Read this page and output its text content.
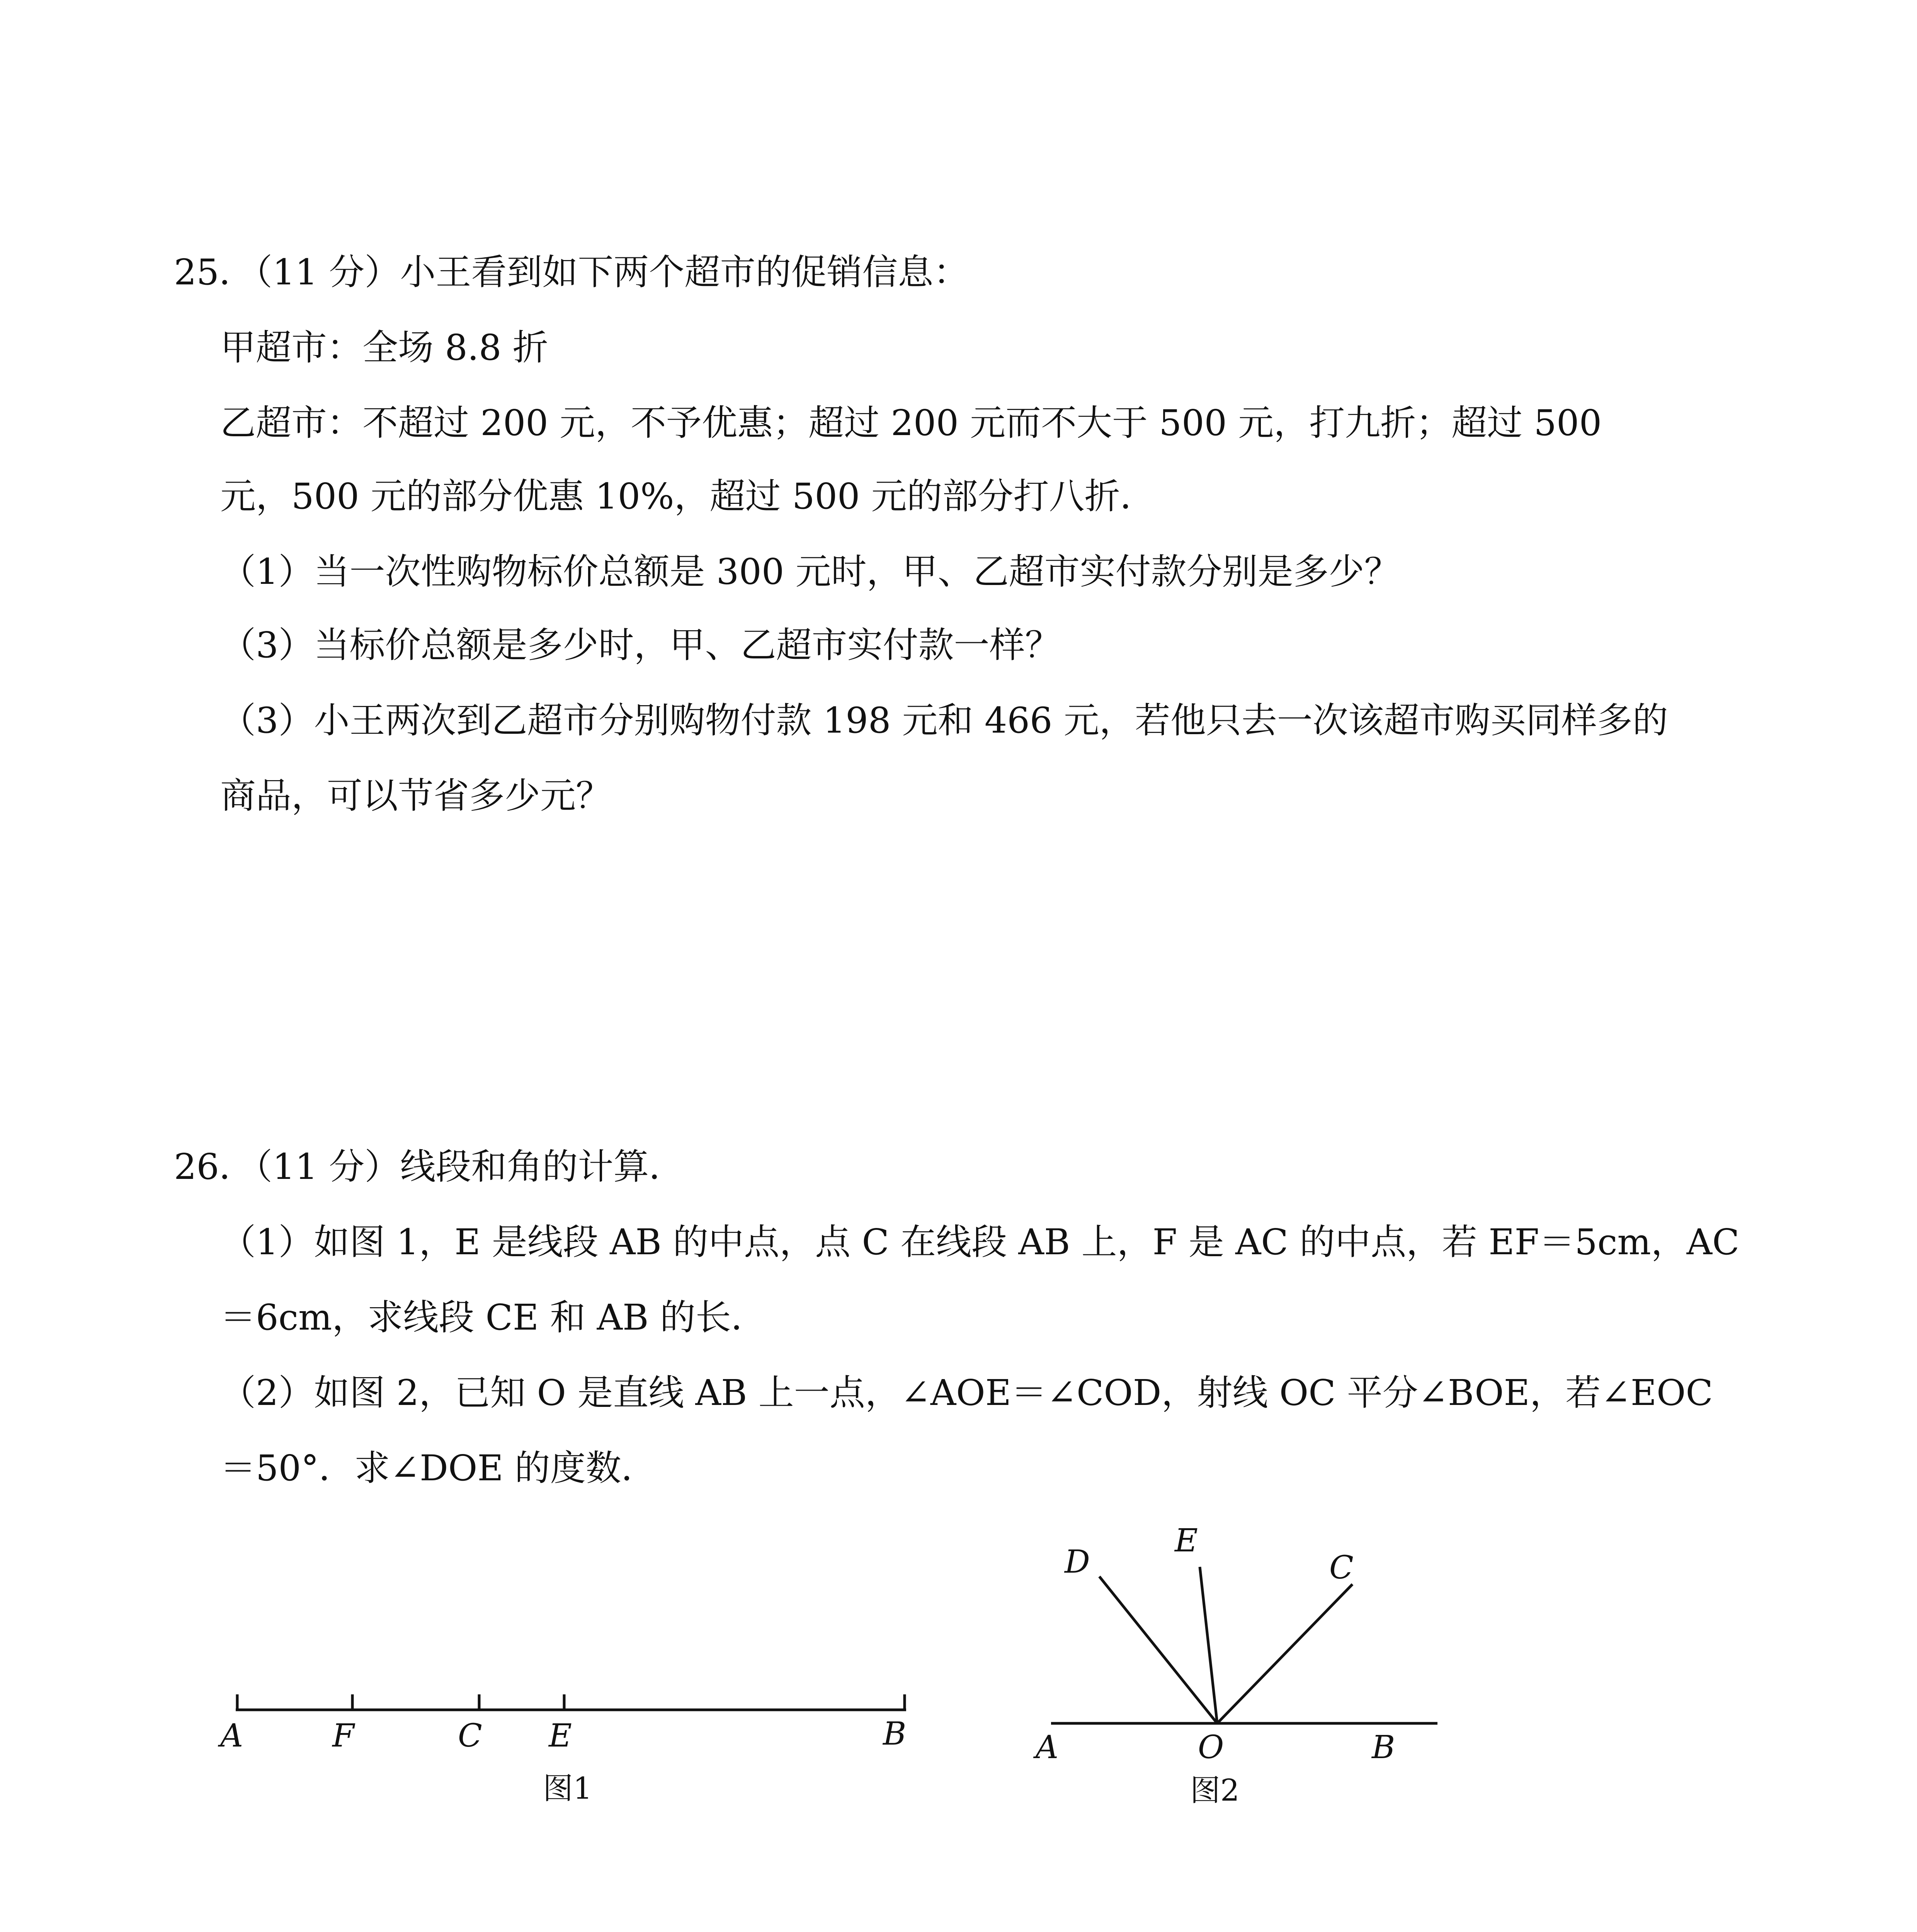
25．（11 分）小王看到如下两个超市的促销信息：
甲超市：全场 8.8 折
乙超市：不超过 200 元，不予优惠；超过 200 元而不大于 500 元，打九折；超过 500
元，500 元的部分优惠 10%，超过 500 元的部分打八折．
（1）当一次性购物标价总额是 300 元时，甲、乙超市实付款分别是多少？
（3）当标价总额是多少时，甲、乙超市实付款一样？
（3）小王两次到乙超市分别购物付款 198 元和 466 元，若他只去一次该超市购买同样多的
商品，可以节省多少元？
26．（11 分）线段和角的计算．
（1）如图 1，E 是线段 AB 的中点，点 C 在线段 AB 上，F 是 AC 的中点，若 EF＝5cm，AC
＝6cm，求线段 CE 和 AB 的长．
（2）如图 2，已知 O 是直线 AB 上一点，∠AOE＝∠COD，射线 OC 平分∠BOE，若∠EOC
＝50°．求∠DOE 的度数．
A	F	C E	B
图1
D
E
C
A	O	B
图2
